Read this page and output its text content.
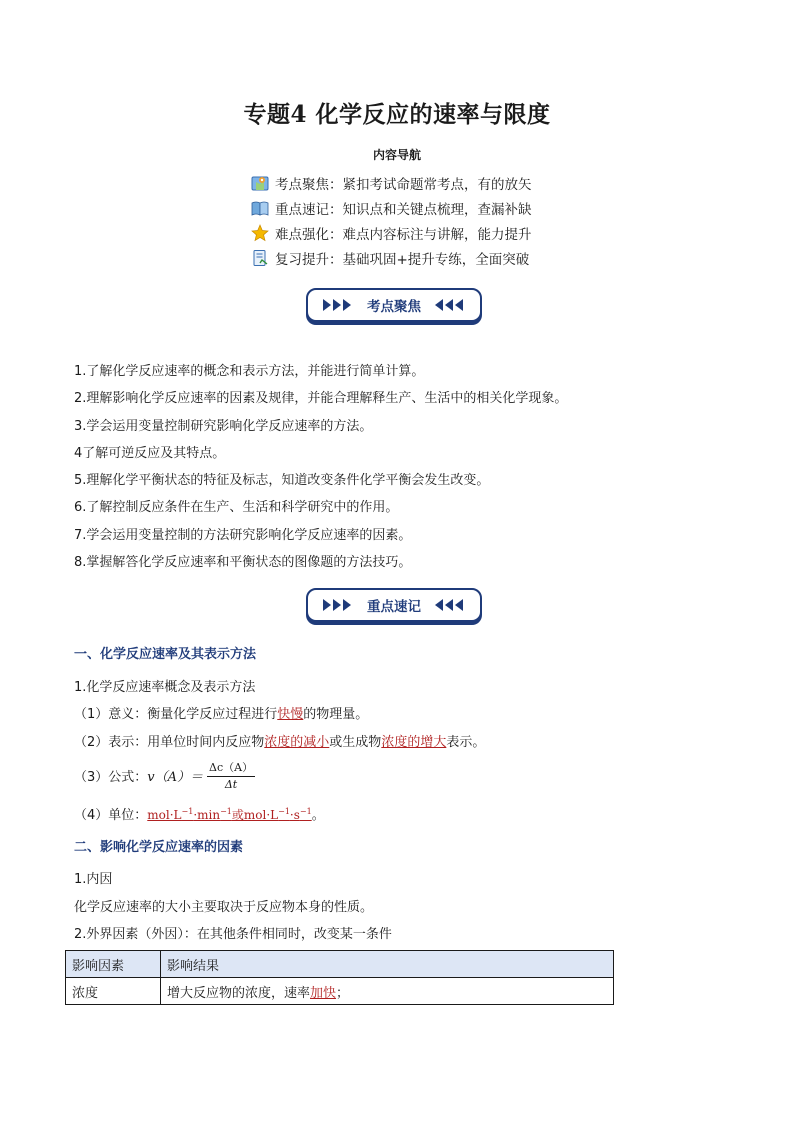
专题4 化学反应的速率与限度
内容导航
考点聚焦：紧扣考试命题常考点，有的放矢
重点速记：知识点和关键点梳理，查漏补缺
难点强化：难点内容标注与讲解，能力提升
复习提升：基础巩固+提升专练，全面突破
考点聚焦
1.了解化学反应速率的概念和表示方法，并能进行简单计算。
2.理解影响化学反应速率的因素及规律，并能合理解释生产、生活中的相关化学现象。
3.学会运用变量控制研究影响化学反应速率的方法。
4了解可逆反应及其特点。
5.理解化学平衡状态的特征及标志，知道改变条件化学平衡会发生改变。
6.了解控制反应条件在生产、生活和科学研究中的作用。
7.学会运用变量控制的方法研究影响化学反应速率的因素。
8.掌握解答化学反应速率和平衡状态的图像题的方法技巧。
重点速记
一、化学反应速率及其表示方法
1.化学反应速率概念及表示方法
（1）意义：衡量化学反应过程进行快慢的物理量。
（2）表示：用单位时间内反应物浓度的减小或生成物浓度的增大表示。
（3）公式： $v(A)= \frac{\Delta c(A)}{\Delta t}$
（4）单位：$mol\cdot L^{-1}\cdot\min^{-1}$或$mol\cdot L^{-1}\cdot s^{-1}$。
二、影响化学反应速率的因素
1.内因
化学反应速率的大小主要取决于反应物本身的性质。
2.外界因素（外因）：在其他条件相同时，改变某一条件
影响因素	影响结果
浓度	增大反应物的浓度，速率加快；
